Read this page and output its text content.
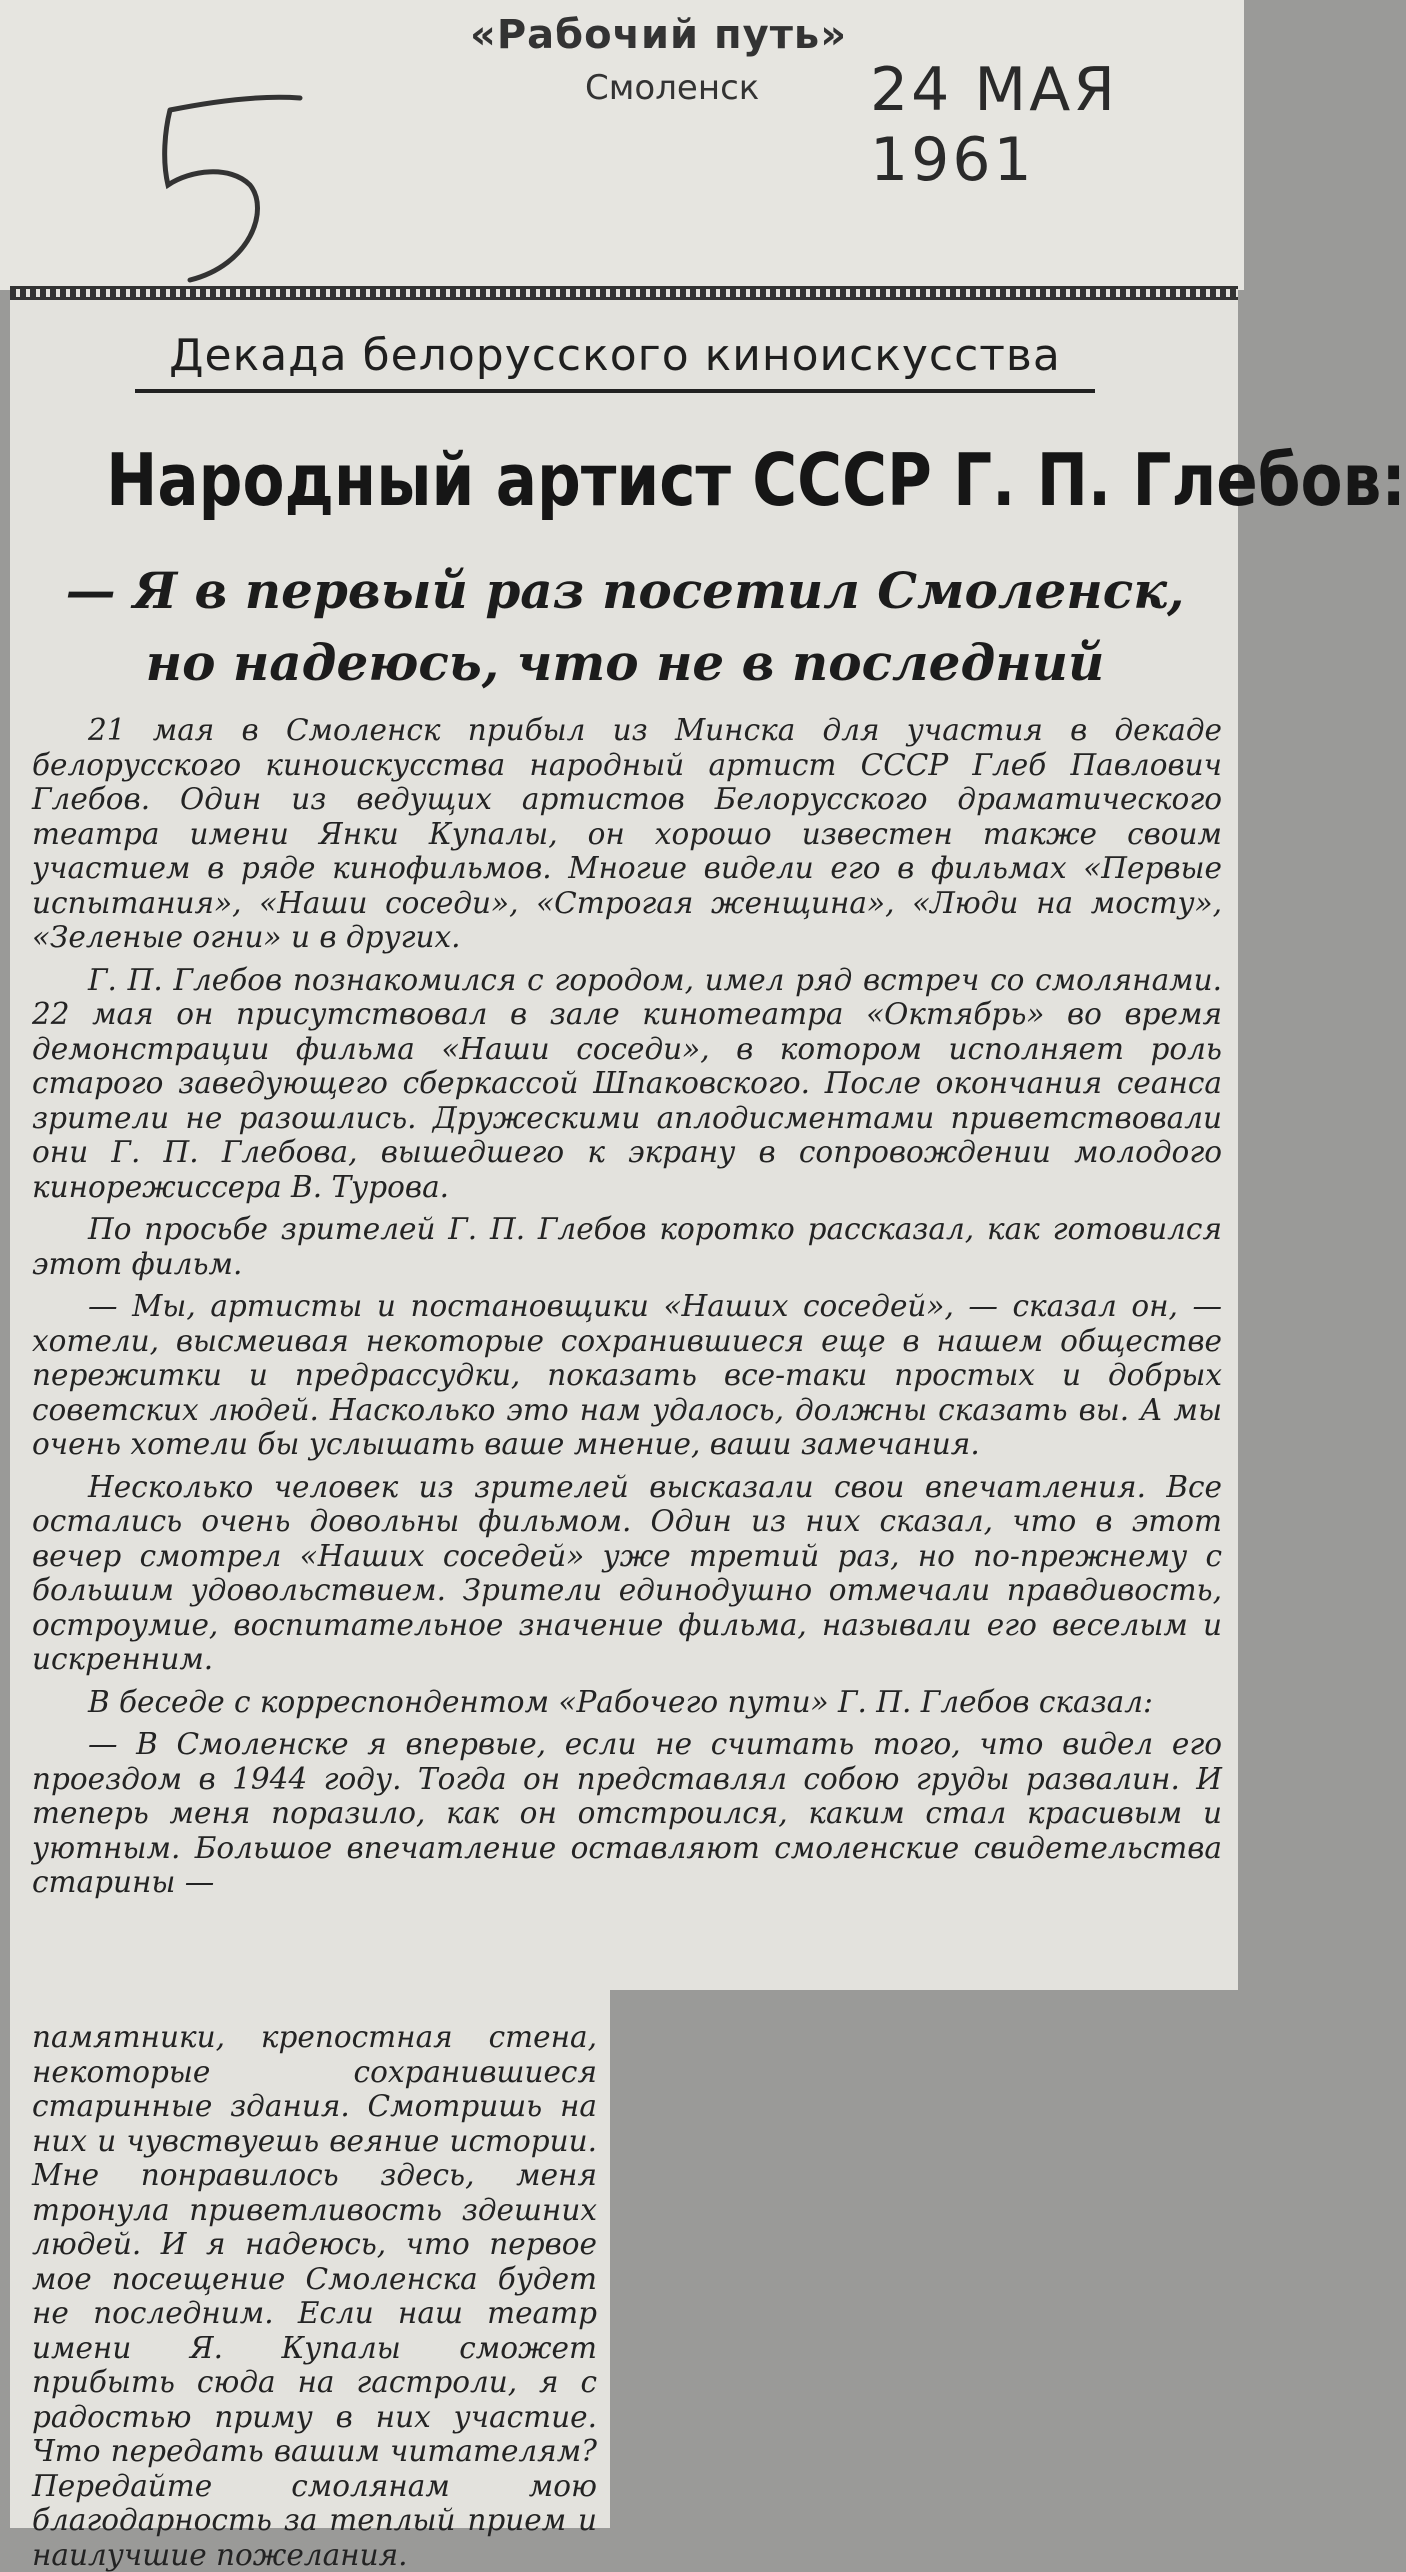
«Рабочий путь»
Смоленск 24 МАЯ 1961
Декада белорусского киноискусства
Народный артист СССР Г. П. Глебов:
— Я в первый раз посетил Смоленск,
но надеюсь, что не в последний

21 мая в Смоленск прибыл из Минска для участия в декаде белорусского киноискусства народный артист СССР Глеб Павлович Глебов. Один из ведущих артистов Белорусского драматического театра имени Янки Купалы, он хорошо известен также своим участием в ряде кинофильмов. Многие видели его в фильмах «Первые испытания», «Наши соседи», «Строгая женщина», «Люди на мосту», «Зеленые огни» и в других.

Г. П. Глебов познакомился с городом, имел ряд встреч со смолянами. 22 мая он присутствовал в зале кинотеатра «Октябрь» во время демонстрации фильма «Наши соседи», в котором исполняет роль старого заведующего сберкассой Шпаковского. После окончания сеанса зрители не разошлись. Дружескими аплодисментами приветствовали они Г. П. Глебова, вышедшего к экрану в сопровождении молодого кинорежиссера В. Турова.

По просьбе зрителей Г. П. Глебов коротко рассказал, как готовился этот фильм.

— Мы, артисты и постановщики «Наших соседей», — сказал он, — хотели, высмеивая некоторые сохранившиеся еще в нашем обществе пережитки и предрассудки, показать все-таки простых и добрых советских людей. Насколько это нам удалось, должны сказать вы. А мы очень хотели бы услышать ваше мнение, ваши замечания.

Несколько человек из зрителей высказали свои впечатления. Все остались очень довольны фильмом. Один из них сказал, что в этот вечер смотрел «Наших соседей» уже третий раз, но по-прежнему с большим удовольствием. Зрители единодушно отмечали правдивость, остроумие, воспитательное значение фильма, называли его веселым и искренним.

В беседе с корреспондентом «Рабочего пути» Г. П. Глебов сказал:

— В Смоленске я впервые, если не считать того, что видел его проездом в 1944 году. Тогда он представлял собою груды развалин. И теперь меня поразило, как он отстроился, каким стал красивым и уютным. Большое впечатление оставляют смоленские свидетельства старины —

памятники, крепостная стена, некоторые сохранившиеся старинные здания. Смотришь на них и чувствуешь веяние истории. Мне понравилось здесь, меня тронула приветливость здешних людей. И я надеюсь, что первое мое посещение Смоленска будет не последним. Если наш театр имени Я. Купалы сможет прибыть сюда на гастроли, я с радостью приму в них участие. Что передать вашим читателям? Передайте смолянам мою благодарность за теплый прием и наилучшие пожелания.
